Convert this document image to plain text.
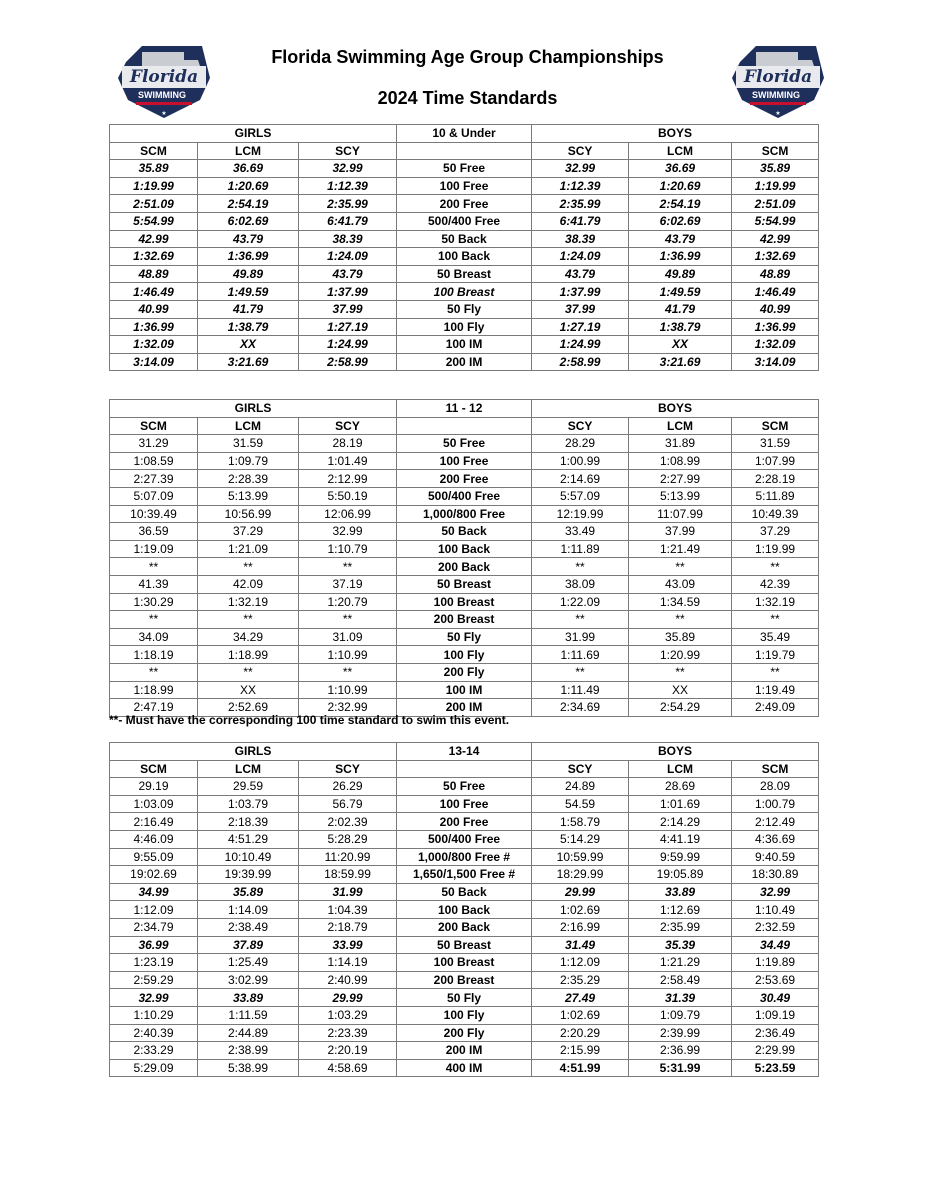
Florida
SWIMMING
★
Florida
SWIMMING
★
Florida Swimming Age Group Championships
2024 Time Standards
GIRLS			10 & Under	BOYS		
SCM	LCM	SCY		SCY	LCM	SCM
35.89	36.69	32.99	50 Free	32.99	36.69	35.89
1:19.99	1:20.69	1:12.39	100 Free	1:12.39	1:20.69	1:19.99
2:51.09	2:54.19	2:35.99	200 Free	2:35.99	2:54.19	2:51.09
5:54.99	6:02.69	6:41.79	500/400 Free	6:41.79	6:02.69	5:54.99
42.99	43.79	38.39	50 Back	38.39	43.79	42.99
1:32.69	1:36.99	1:24.09	100 Back	1:24.09	1:36.99	1:32.69
48.89	49.89	43.79	50 Breast	43.79	49.89	48.89
1:46.49	1:49.59	1:37.99	100 Breast	1:37.99	1:49.59	1:46.49
40.99	41.79	37.99	50 Fly	37.99	41.79	40.99
1:36.99	1:38.79	1:27.19	100 Fly	1:27.19	1:38.79	1:36.99
1:32.09	XX	1:24.99	100 IM	1:24.99	XX	1:32.09
3:14.09	3:21.69	2:58.99	200 IM	2:58.99	3:21.69	3:14.09
GIRLS			11 - 12	BOYS		
SCM	LCM	SCY		SCY	LCM	SCM
31.29	31.59	28.19	50 Free	28.29	31.89	31.59
1:08.59	1:09.79	1:01.49	100 Free	1:00.99	1:08.99	1:07.99
2:27.39	2:28.39	2:12.99	200 Free	2:14.69	2:27.99	2:28.19
5:07.09	5:13.99	5:50.19	500/400 Free	5:57.09	5:13.99	5:11.89
10:39.49	10:56.99	12:06.99	1,000/800 Free	12:19.99	11:07.99	10:49.39
36.59	37.29	32.99	50 Back	33.49	37.99	37.29
1:19.09	1:21.09	1:10.79	100 Back	1:11.89	1:21.49	1:19.99
**	**	**	200 Back	**	**	**
41.39	42.09	37.19	50 Breast	38.09	43.09	42.39
1:30.29	1:32.19	1:20.79	100 Breast	1:22.09	1:34.59	1:32.19
**	**	**	200 Breast	**	**	**
34.09	34.29	31.09	50 Fly	31.99	35.89	35.49
1:18.19	1:18.99	1:10.99	100 Fly	1:11.69	1:20.99	1:19.79
**	**	**	200 Fly	**	**	**
1:18.99	XX	1:10.99	100 IM	1:11.49	XX	1:19.49
2:47.19	2:52.69	2:32.99	200 IM	2:34.69	2:54.29	2:49.09
**- Must have the corresponding 100 time standard to swim this event.
GIRLS			13-14	BOYS		
SCM	LCM	SCY		SCY	LCM	SCM
29.19	29.59	26.29	50 Free	24.89	28.69	28.09
1:03.09	1:03.79	56.79	100 Free	54.59	1:01.69	1:00.79
2:16.49	2:18.39	2:02.39	200 Free	1:58.79	2:14.29	2:12.49
4:46.09	4:51.29	5:28.29	500/400 Free	5:14.29	4:41.19	4:36.69
9:55.09	10:10.49	11:20.99	1,000/800 Free #	10:59.99	9:59.99	9:40.59
19:02.69	19:39.99	18:59.99	1,650/1,500 Free #	18:29.99	19:05.89	18:30.89
34.99	35.89	31.99	50 Back	29.99	33.89	32.99
1:12.09	1:14.09	1:04.39	100 Back	1:02.69	1:12.69	1:10.49
2:34.79	2:38.49	2:18.79	200 Back	2:16.99	2:35.99	2:32.59
36.99	37.89	33.99	50 Breast	31.49	35.39	34.49
1:23.19	1:25.49	1:14.19	100 Breast	1:12.09	1:21.29	1:19.89
2:59.29	3:02.99	2:40.99	200 Breast	2:35.29	2:58.49	2:53.69
32.99	33.89	29.99	50 Fly	27.49	31.39	30.49
1:10.29	1:11.59	1:03.29	100 Fly	1:02.69	1:09.79	1:09.19
2:40.39	2:44.89	2:23.39	200 Fly	2:20.29	2:39.99	2:36.49
2:33.29	2:38.99	2:20.19	200 IM	2:15.99	2:36.99	2:29.99
5:29.09	5:38.99	4:58.69	400 IM	4:51.99	5:31.99	5:23.59
